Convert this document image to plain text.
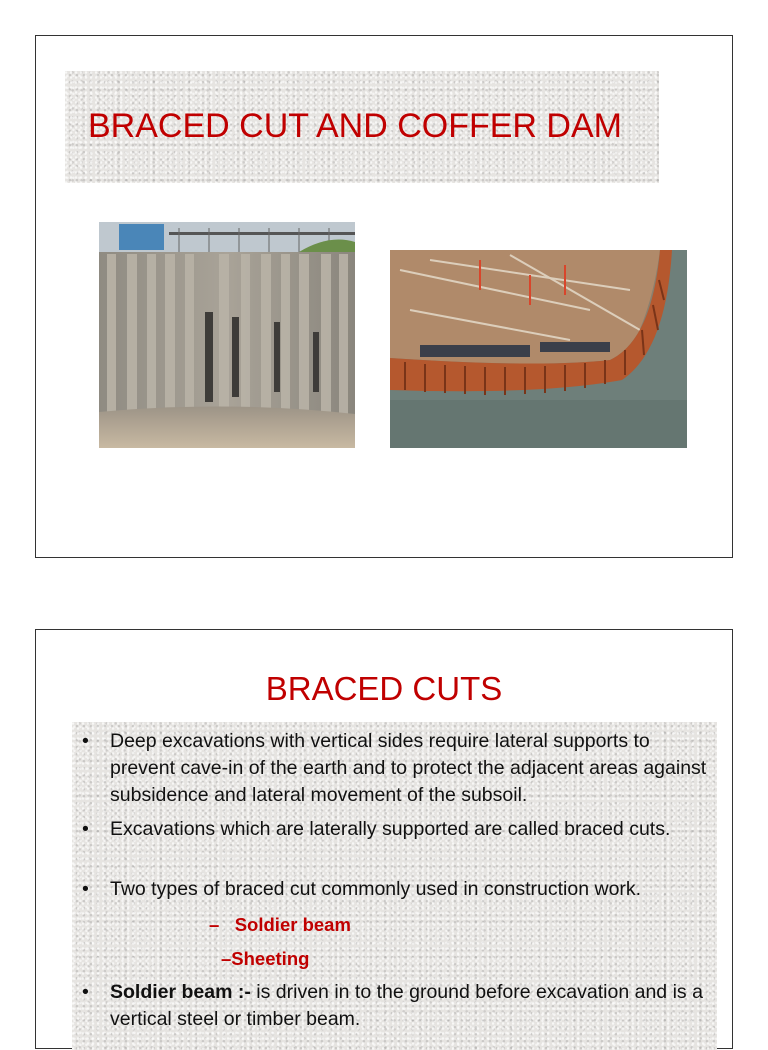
BRACED CUT AND COFFER DAM
BRACED CUTS
•	Deep excavations with vertical sides require lateral supports to prevent cave-in of the earth and to protect the adjacent areas against subsidence and lateral movement of the subsoil.
•	Excavations which are laterally supported are called braced cuts.
•	Two types of braced cut commonly used in construction work.
•	Soldier beam :- is driven in to the ground before excavation and is a vertical steel or timber beam.
– Soldier beam
–Sheeting
